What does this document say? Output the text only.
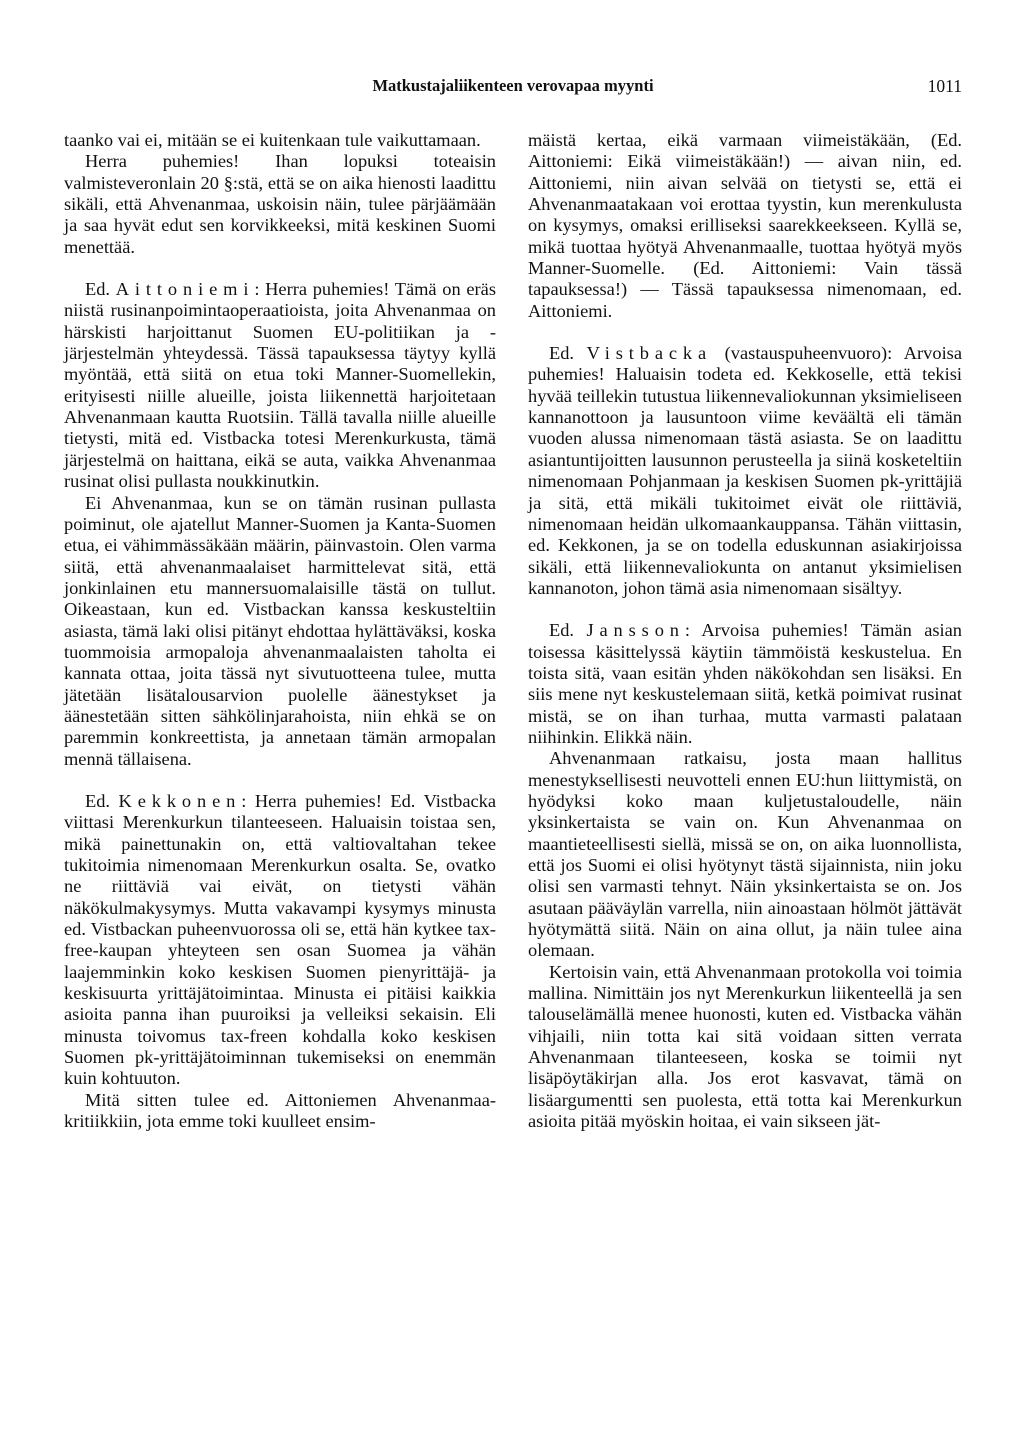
Matkustajaliikenteen verovapaa myynti	1011

taanko vai ei, mitään se ei kuitenkaan tule vaikuttamaan.

Herra puhemies! Ihan lopuksi toteaisin valmisteveronlain 20 §:stä, että se on aika hienosti laadittu sikäli, että Ahvenanmaa, uskoisin näin, tulee pärjäämään ja saa hyvät edut sen korvikkeeksi, mitä keskinen Suomi menettää.

Ed. Aittoniemi: Herra puhemies! Tämä on eräs niistä rusinanpoimintaoperaatioista, joita Ahvenanmaa on härskisti harjoittanut Suomen EU-politiikan ja -järjestelmän yhteydessä. Tässä tapauksessa täytyy kyllä myöntää, että siitä on etua toki Manner-Suomellekin, erityisesti niille alueille, joista liikennettä harjoitetaan Ahvenanmaan kautta Ruotsiin. Tällä tavalla niille alueille tietysti, mitä ed. Vistbacka totesi Merenkurkusta, tämä järjestelmä on haittana, eikä se auta, vaikka Ahvenanmaa rusinat olisi pullasta noukkinutkin.

Ei Ahvenanmaa, kun se on tämän rusinan pullasta poiminut, ole ajatellut Manner-Suomen ja Kanta-Suomen etua, ei vähimmässäkään määrin, päinvastoin. Olen varma siitä, että ahvenanmaalaiset harmittelevat sitä, että jonkinlainen etu mannersuomalaisille tästä on tullut. Oikeastaan, kun ed. Vistbackan kanssa keskusteltiin asiasta, tämä laki olisi pitänyt ehdottaa hylättäväksi, koska tuommoisia armopaloja ahvenanmaalaisten taholta ei kannata ottaa, joita tässä nyt sivutuotteena tulee, mutta jätetään lisätalousarvion puolelle äänestykset ja äänestetään sitten sähkölinjarahoista, niin ehkä se on paremmin konkreettista, ja annetaan tämän armopalan mennä tällaisena.

Ed. Kekkonen: Herra puhemies! Ed. Vistbacka viittasi Merenkurkun tilanteeseen. Haluaisin toistaa sen, mikä painettunakin on, että valtiovaltahan tekee tukitoimia nimenomaan Merenkurkun osalta. Se, ovatko ne riittäviä vai eivät, on tietysti vähän näkökulmakysymys. Mutta vakavampi kysymys minusta ed. Vistbackan puheenvuorossa oli se, että hän kytkee tax-free-kaupan yhteyteen sen osan Suomea ja vähän laajemminkin koko keskisen Suomen pienyrittäjä- ja keskisuurta yrittäjätoimintaa. Minusta ei pitäisi kaikkia asioita panna ihan puuroiksi ja velleiksi sekaisin. Eli minusta toivomus tax-freen kohdalla koko keskisen Suomen pk-yrittäjätoiminnan tukemiseksi on enemmän kuin kohtuuton.

Mitä sitten tulee ed. Aittoniemen Ahvenanmaa-kritiikkiin, jota emme toki kuulleet ensim-

mäistä kertaa, eikä varmaan viimeistäkään, (Ed. Aittoniemi: Eikä viimeistäkään!) — aivan niin, ed. Aittoniemi, niin aivan selvää on tietysti se, että ei Ahvenanmaatakaan voi erottaa tyystin, kun merenkulusta on kysymys, omaksi erilliseksi saarekkeekseen. Kyllä se, mikä tuottaa hyötyä Ahvenanmaalle, tuottaa hyötyä myös Manner-Suomelle. (Ed. Aittoniemi: Vain tässä tapauksessa!) — Tässä tapauksessa nimenomaan, ed. Aittoniemi.

Ed. Vistbacka (vastauspuheenvuoro): Arvoisa puhemies! Haluaisin todeta ed. Kekkoselle, että tekisi hyvää teillekin tutustua liikennevaliokunnan yksimieliseen kannanottoon ja lausuntoon viime keväältä eli tämän vuoden alussa nimenomaan tästä asiasta. Se on laadittu asiantuntijoitten lausunnon perusteella ja siinä kosketeltiin nimenomaan Pohjanmaan ja keskisen Suomen pk-yrittäjiä ja sitä, että mikäli tukitoimet eivät ole riittäviä, nimenomaan heidän ulkomaankauppansa. Tähän viittasin, ed. Kekkonen, ja se on todella eduskunnan asiakirjoissa sikäli, että liikennevaliokunta on antanut yksimielisen kannanoton, johon tämä asia nimenomaan sisältyy.

Ed. Jansson: Arvoisa puhemies! Tämän asian toisessa käsittelyssä käytiin tämmöistä keskustelua. En toista sitä, vaan esitän yhden näkökohdan sen lisäksi. En siis mene nyt keskustelemaan siitä, ketkä poimivat rusinat mistä, se on ihan turhaa, mutta varmasti palataan niihinkin. Elikkä näin.

Ahvenanmaan ratkaisu, josta maan hallitus menestyksellisesti neuvotteli ennen EU:hun liittymistä, on hyödyksi koko maan kuljetustaloudelle, näin yksinkertaista se vain on. Kun Ahvenanmaa on maantieteellisesti siellä, missä se on, on aika luonnollista, että jos Suomi ei olisi hyötynyt tästä sijainnista, niin joku olisi sen varmasti tehnyt. Näin yksinkertaista se on. Jos asutaan pääväylän varrella, niin ainoastaan hölmöt jättävät hyötymättä siitä. Näin on aina ollut, ja näin tulee aina olemaan.

Kertoisin vain, että Ahvenanmaan protokolla voi toimia mallina. Nimittäin jos nyt Merenkurkun liikenteellä ja sen talouselämällä menee huonosti, kuten ed. Vistbacka vähän vihjaili, niin totta kai sitä voidaan sitten verrata Ahvenanmaan tilanteeseen, koska se toimii nyt lisäpöytäkirjan alla. Jos erot kasvavat, tämä on lisäargumentti sen puolesta, että totta kai Merenkurkun asioita pitää myöskin hoitaa, ei vain sikseen jät-
